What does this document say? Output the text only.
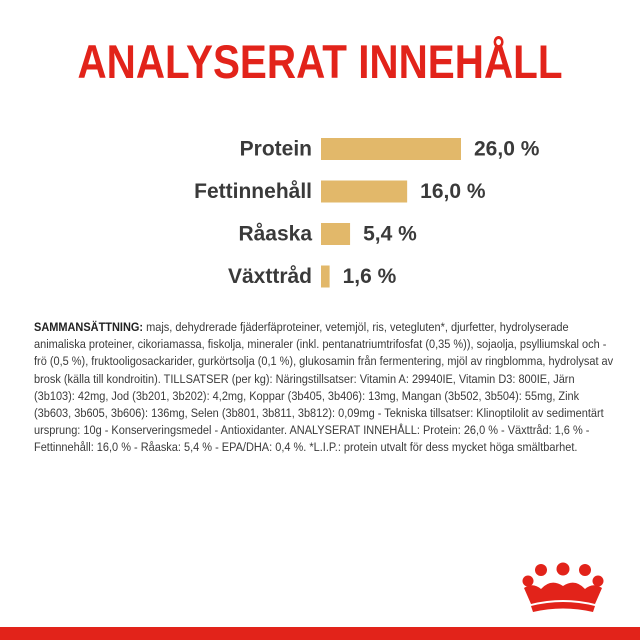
ANALYSERAT INNEHÅLL
Protein	26,0 %
Fettinnehåll	16,0 %
Råaska 5,4 %
Växttråd 1,6 %
SAMMANSÄTTNING: majs, dehydrerade fjäderfäproteiner, vetemjöl, ris, vetegluten*, djurfetter, hydrolyserade animaliska proteiner, cikoriamassa, fiskolja, mineraler (inkl. pentanatriumtrifosfat (0,35 %)), sojaolja, psylliumskal och -frö (0,5 %), fruktooligosackarider, gurkörtsolja (0,1 %), glukosamin från fermentering, mjöl av ringblomma, hydrolysat av brosk (källa till kondroitin). TILLSATSER (per kg): Näringstillsatser: Vitamin A: 29940IE, Vitamin D3: 800IE, Järn (3b103): 42mg, Jod (3b201, 3b202): 4,2mg, Koppar (3b405, 3b406): 13mg, Mangan (3b502, 3b504): 55mg, Zink (3b603, 3b605, 3b606): 136mg, Selen (3b801, 3b811, 3b812): 0,09mg - Tekniska tillsatser: Klinoptilolit av sedimentärt ursprung: 10g - Konserveringsmedel - Antioxidanter. ANALYSERAT INNEHÅLL: Protein: 26,0 % - Växttråd: 1,6 % - Fettinnehåll: 16,0 % - Råaska: 5,4 % - EPA/DHA: 0,4 %. *L.I.P.: protein utvalt för dess mycket höga smältbarhet.
